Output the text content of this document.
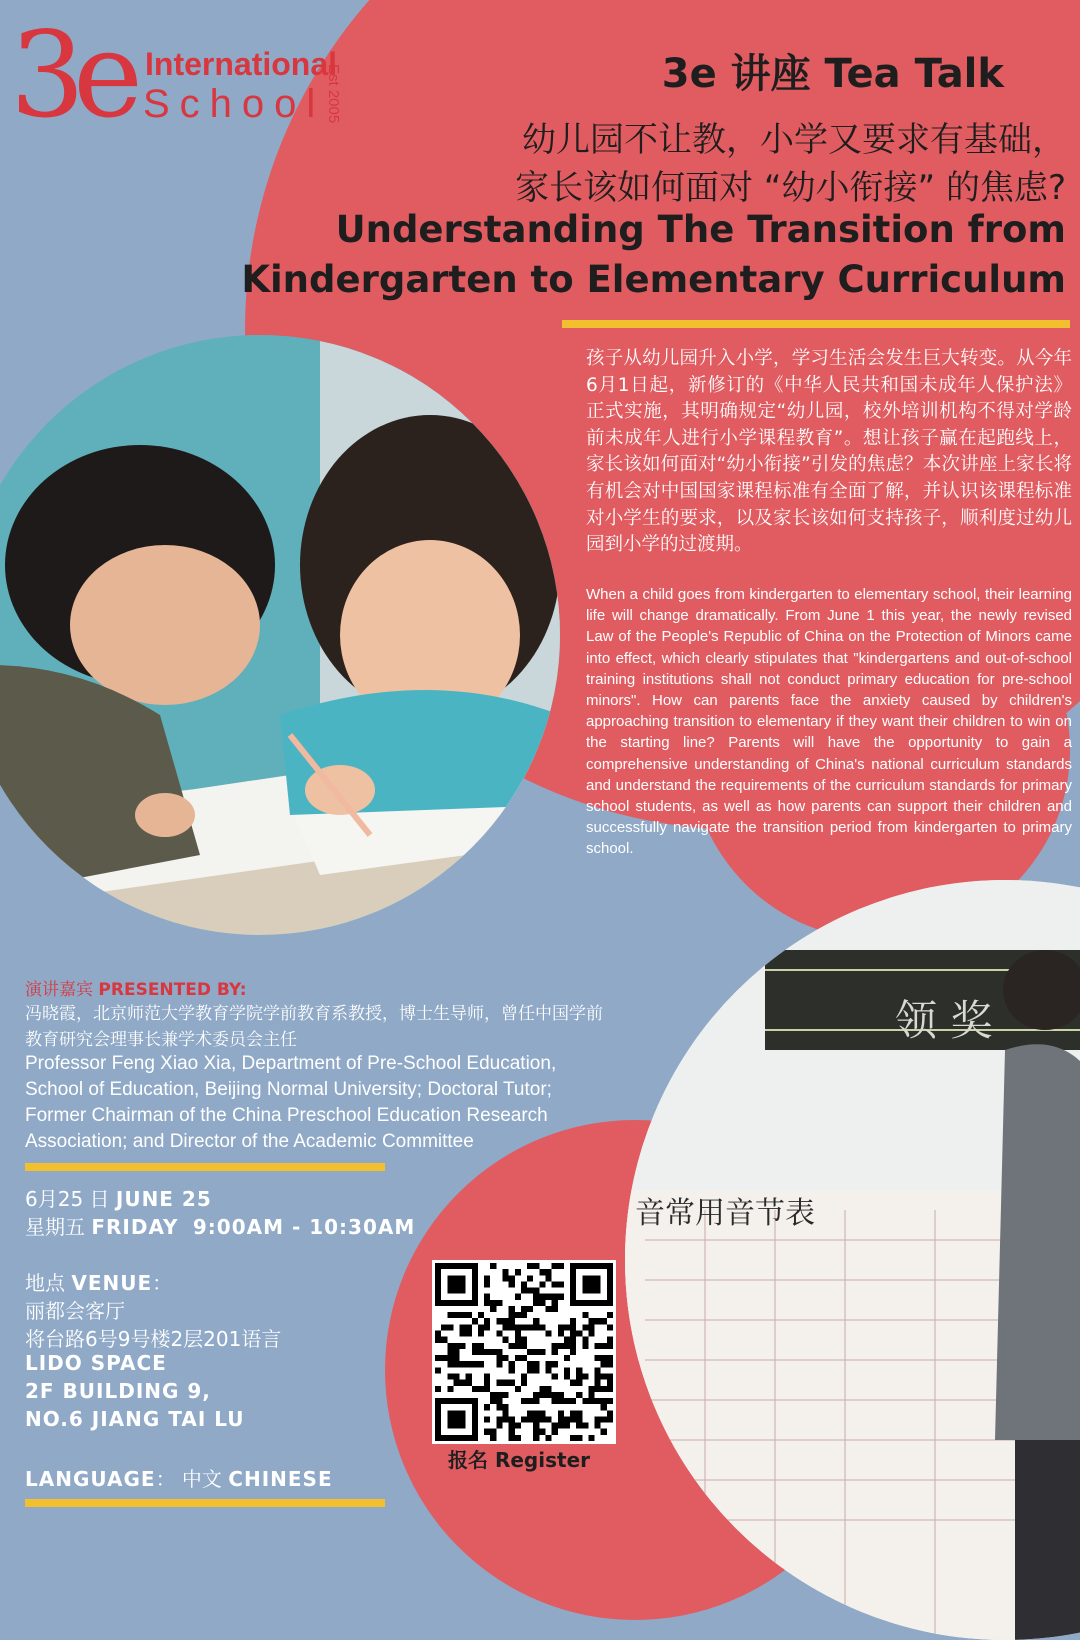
领 奖
音常用音节表
3e International
School Est 2005	3e 讲座 Tea Talk
幼儿园不让教，小学又要求有基础，
家长该如何面对 “幼小衔接” 的焦虑?
Understanding The Transition from
Kindergarten to Elementary Curriculum
孩子从幼儿园升入小学，学习生活会发生巨大转变。从今年6月1日起，新修订的《中华人民共和国未成年人保护法》正式实施，其明确规定“幼儿园，校外培训机构不得对学龄前未成年人进行小学课程教育”。想让孩子赢在起跑线上，家长该如何面对“幼小衔接”引发的焦虑？本次讲座上家长将有机会对中国国家课程标准有全面了解，并认识该课程标准对小学生的要求，以及家长该如何支持孩子，顺利度过幼儿园到小学的过渡期。
When a child goes from kindergarten to elementary school, their learning life will change dramatically. From June 1 this year, the newly revised Law of the People's Republic of China on the Protection of Minors came into effect, which clearly stipulates that "kindergartens and out-of-school training institutions shall not conduct primary education for pre-school minors". How can parents face the anxiety caused by children's approaching transition to elementary if they want their children to win on the starting line? Parents will have the opportunity to gain a comprehensive understanding of China's national curriculum standards and understand the requirements of the curriculum standards for primary school students, as well as how parents can support their children and successfully navigate the transition period from kindergarten to primary school.
演讲嘉宾 PRESENTED BY:
冯晓霞，北京师范大学教育学院学前教育系教授，博士生导师，曾任中国学前教育研究会理事长兼学术委员会主任
Professor Feng Xiao Xia, Department of Pre-School Education, School of Education, Beijing Normal University; Doctoral Tutor; Former Chairman of the China Preschool Education Research Association; and Director of the Academic Committee
6月25 日 JUNE 25
星期五 FRIDAY 9:00AM - 10:30AM
地点 VENUE：
丽都会客厅
将台路6号9号楼2层201语言
LIDO SPACE
2F BUILDING 9,
NO.6 JIANG TAI LU
LANGUAGE： 中文 CHINESE
报名 Register
